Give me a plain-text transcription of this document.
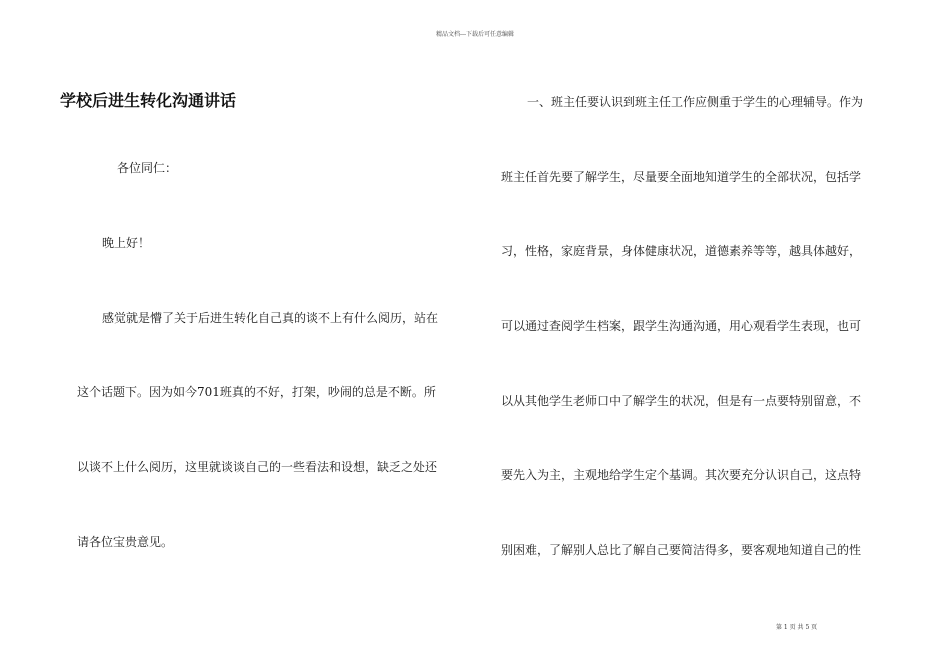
精品文档---下载后可任意编辑
学校后进生转化沟通讲话
各位同仁：
晚上好！
感觉就是懵了关于后进生转化自己真的谈不上有什么阅历，站在
这个话题下。因为如今701班真的不好，打架，吵闹的总是不断。所
以谈不上什么阅历，这里就谈谈自己的一些看法和设想，缺乏之处还
请各位宝贵意见。
一、班主任要认识到班主任工作应侧重于学生的心理辅导。作为
班主任首先要了解学生，尽量要全面地知道学生的全部状况，包括学
习，性格，家庭背景，身体健康状况，道德素养等等，越具体越好，
可以通过查阅学生档案，跟学生沟通沟通，用心观看学生表现，也可
以从其他学生老师口中了解学生的状况，但是有一点要特别留意，不
要先入为主，主观地给学生定个基调。其次要充分认识自己，这点特
别困难，了解别人总比了解自己要简洁得多，要客观地知道自己的性
第 1 页 共 5 页
